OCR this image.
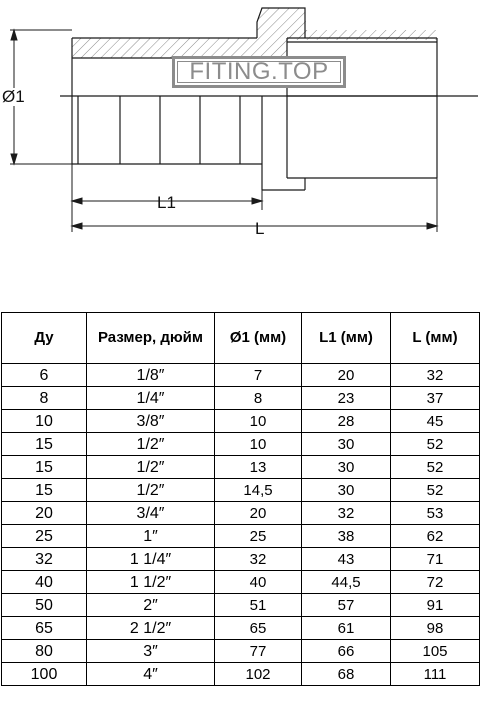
Ø1
L1
L
FITING.TOP
Ду	Размер, дюйм	Ø1 (мм)	L1 (мм)	L (мм)
6	1/8″	7	20	32
8	1/4″	8	23	37
10	3/8″	10	28	45
15	1/2″	10	30	52
15	1/2″	13	30	52
15	1/2″	14,5	30	52
20	3/4″	20	32	53
25	1″	25	38	62
32	1 1/4″	32	43	71
40	1 1/2″	40	44,5	72
50	2″	51	57	91
65	2 1/2″	65	61	98
80	3″	77	66	105
100	4″	102	68	111
